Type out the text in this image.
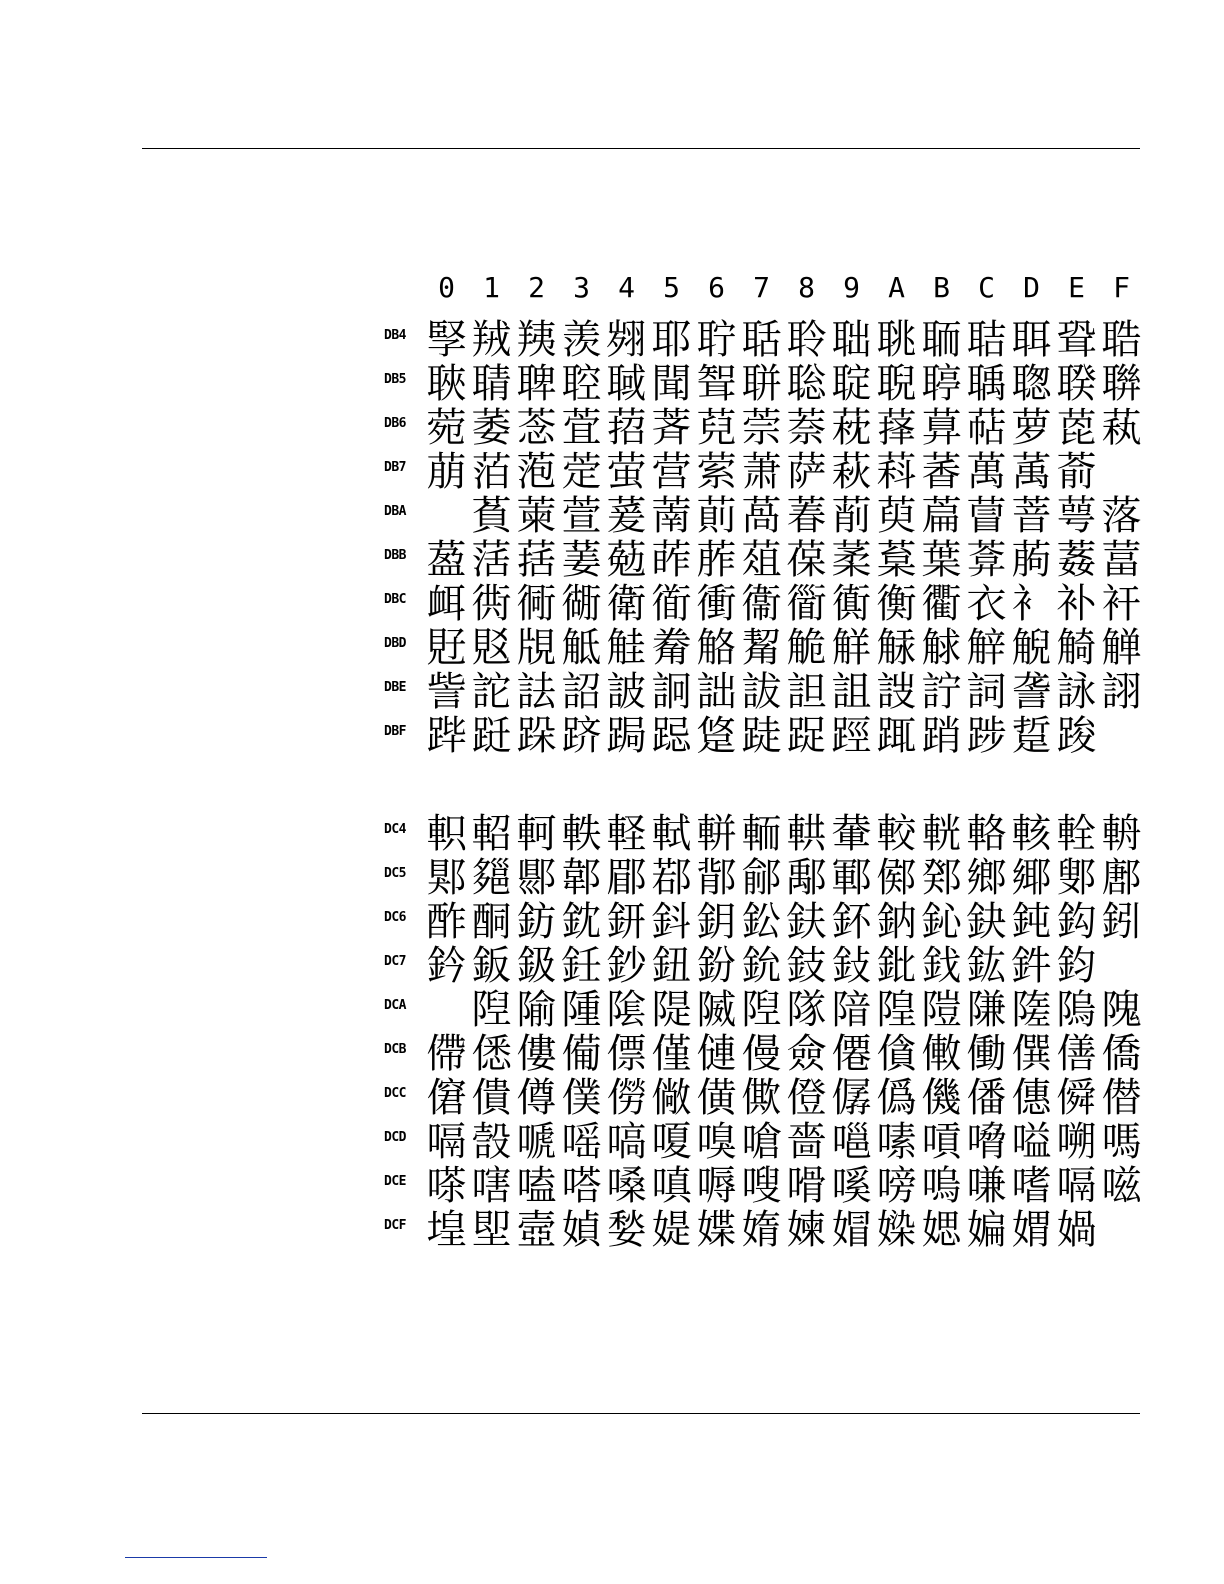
0	1	2	3	4	5	6	7	8	9	A	B	C	D	E	F
DB4 孯 羢 羠 羡 翙 耶 聍 聒 聆 聉 聎 聏 聐 聑 聓 聕
DB5 聗 聙 聛 聜 聝 聞 聟 聠 聡 聢 聣 聤 聥 聦 聧 聨
DB6 菀 萎 菍 萓 萔 萕 萖 萗 萘 萙 萚 萛 萜 萝 萞 萟
DB7 萠 萡 萢 萣 萤 营 萦 萧 萨 萩 萪 萫 萬 萭 萮
DBA	萯 萰 萱 萲 萳 萴 萵 萶 萷 萸 萹 萺 萻 萼 落
DBB 萾 萿 葀 葁 葂 葃 葄 葅 葆 葇 葈 葉 葊 葋 葌 葍
DBC 衈 衖 衕 衚 衛 衜 衝 衞 衟 衠 衡 衢 衣 衤 补 衦
DBD 覎 覐 覑 觝 觟 觠 觡 觢 觤 觧 觨 觩 觪 觬 觭 觯
DBE 訾 詑 詓 詔 詖 詗 詘 詙 詚 詛 詜 詝 詞 詟 詠 詡
DBF 跸 跹 跺 跻 跼 跽 跾 跿 踀 踁 踂 踃 踄 踅 踆
DC4 軹 軺 軻 軼 軽 軾 軿 輀 輁 輂 較 輄 輅 輆 輇 輈
DC5 郹 郺 郻 郼 郿 鄀 鄁 鄃 鄅 鄆 鄇 鄈 鄉 鄊 鄋 鄌
DC6 酢 酮 鈁 鈂 鈃 鈄 鈅 鈆 鈇 鈈 鈉 鈊 鈌 鈍 鈎 鈏
DC7 鈐 鈑 鈒 鈓 鈔 鈕 鈖 鈗 鈘 鈙 鈚 鈛 鈜 鈝 鈞
DCA	隉 隃 隀 隂 隄 隇 隉 隊 隌 隍 隑 隒 隓 隖 隗
DCB 僀 僁 僂 僃 僄 僅 僆 僈 僉 僊 僋 僌 働 僎 僐 僑
DCC 僒 僓 僔 僕 僗 僘 僙 僛 僜 僝 僞 僟 僠 僡 僢 僣
DCD 嗝 嗀 嗁 嗂 嗃 嗄 嗅 嗆 嗇 嗈 嗉 嗊 嗋 嗌 嗍 嗎
DCE 嗏 嗐 嗑 嗒 嗓 嗔 嗕 嗖 嗗 嗘 嗙 嗚 嗛 嗜 嗝 嗞
DCF 堭 堲 壼 媜 媝 媞 媟 媠 媡 媢 媣 媤 媥 媦 媧
